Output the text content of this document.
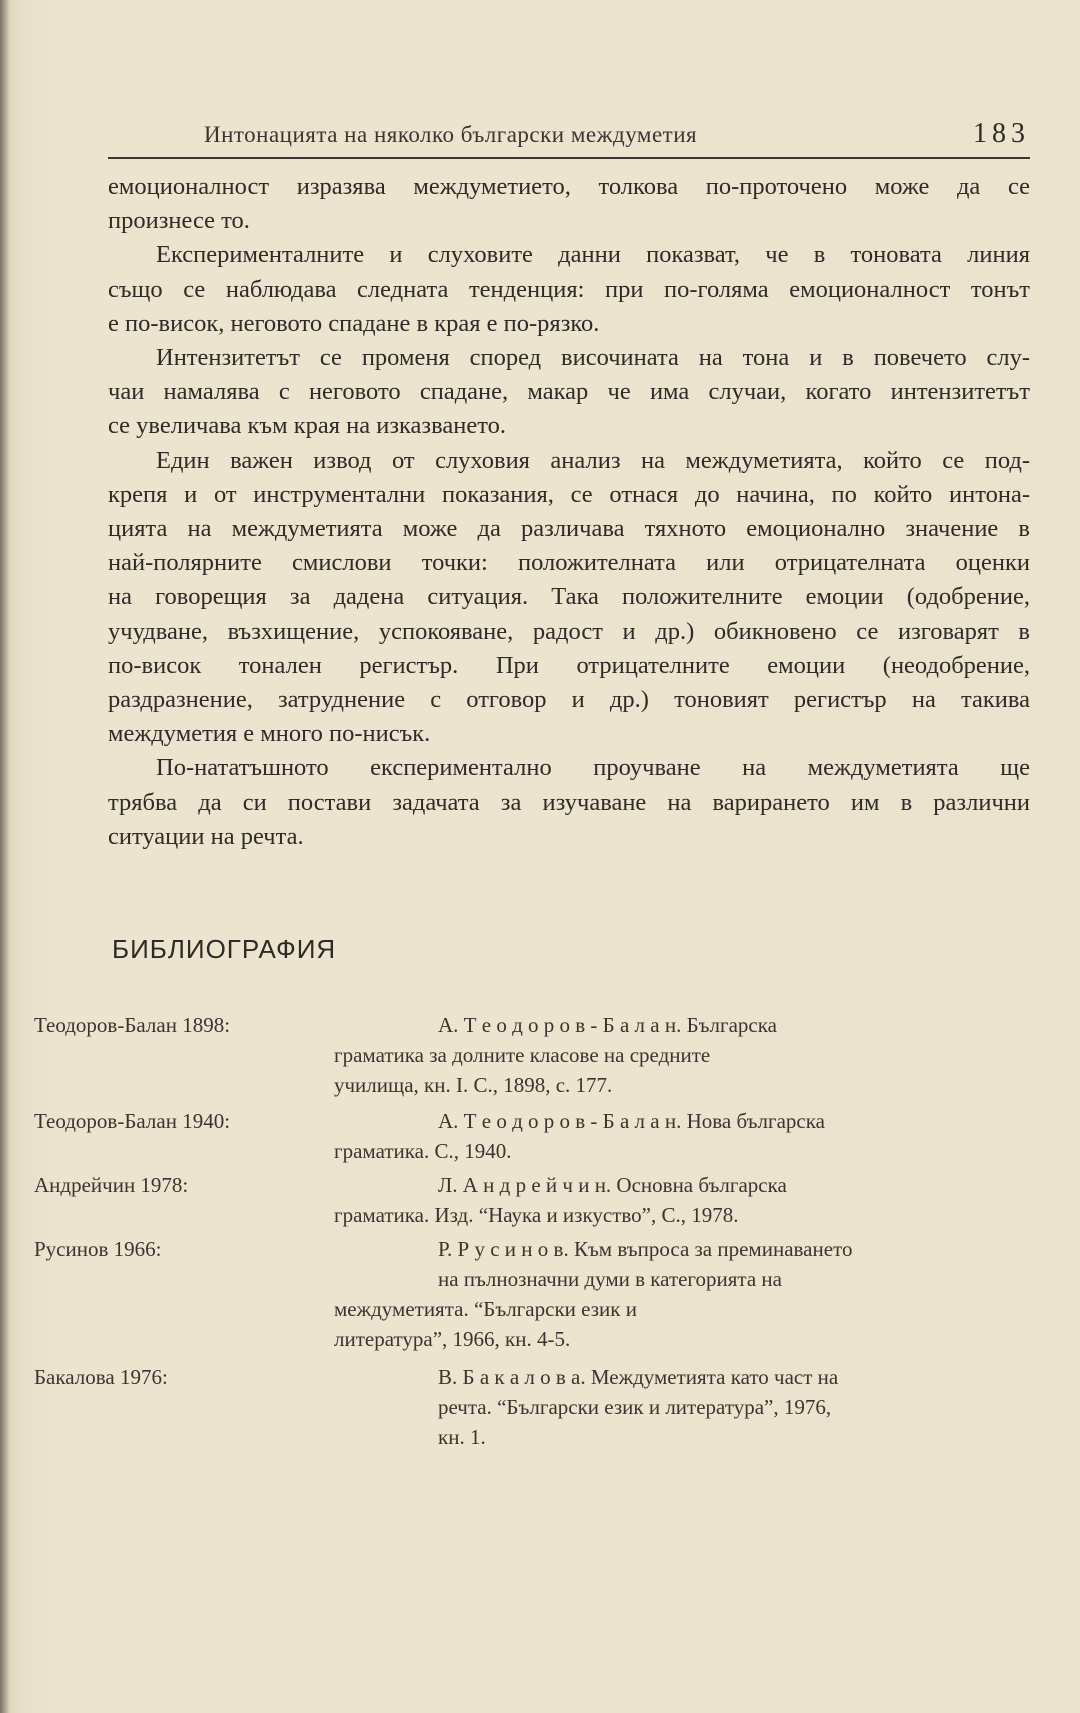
Интонацията на няколко български междуметия	183
емоционалност изразява междуметието, толкова по-проточено може да се
произнесе то.
Експерименталните и слуховите данни показват, че в тоновата линия
също се наблюдава следната тенденция: при по-голяма емоционалност тонът
е по-висок, неговото спадане в края е по-рязко.
Интензитетът се променя според височината на тона и в повечето слу-
чаи намалява с неговото спадане, макар че има случаи, когато интензитетът
се увеличава към края на изказването.
Един важен извод от слуховия анализ на междуметията, който се под-
крепя и от инструментални показания, се отнася до начина, по който интона-
цията на междуметията може да различава тяхното емоционално значение в
най-полярните смислови точки: положителната или отрицателната оценки
на говорещия за дадена ситуация. Така положителните емоции (одобрение,
учудване, възхищение, успокояване, радост и др.) обикновено се изговарят в
по-висок тонален регистър. При отрицателните емоции (неодобрение,
раздразнение, затруднение с отговор и др.) тоновият регистър на такива
междуметия е много по-нисък.
По-нататъшното експериментално проучване на междуметията ще
трябва да си постави задачата за изучаване на варирането им в различни
ситуации на речта.
БИБЛИОГРАФИЯ
Теодоров-Балан 1898:	А. Т е о д о р о в - Б а л а н. Българска
граматика за долните класове на средните
училища, кн. I. С., 1898, с. 177.
Теодоров-Балан 1940:	А. Т е о д о р о в - Б а л а н. Нова българска
граматика. С., 1940.
Андрейчин 1978:	Л. А н д р е й ч и н. Основна българска
граматика. Изд. “Наука и изкуство”, С., 1978.
Русинов 1966:	Р. Р у с и н о в. Към въпроса за преминаването
на пълнозначни думи в категорията на
междуметията. “Български език и
литература”, 1966, кн. 4-5.
Бакалова 1976:	В. Б а к а л о в а. Междуметията като част на
речта. “Български език и литература”, 1976,
кн. 1.
